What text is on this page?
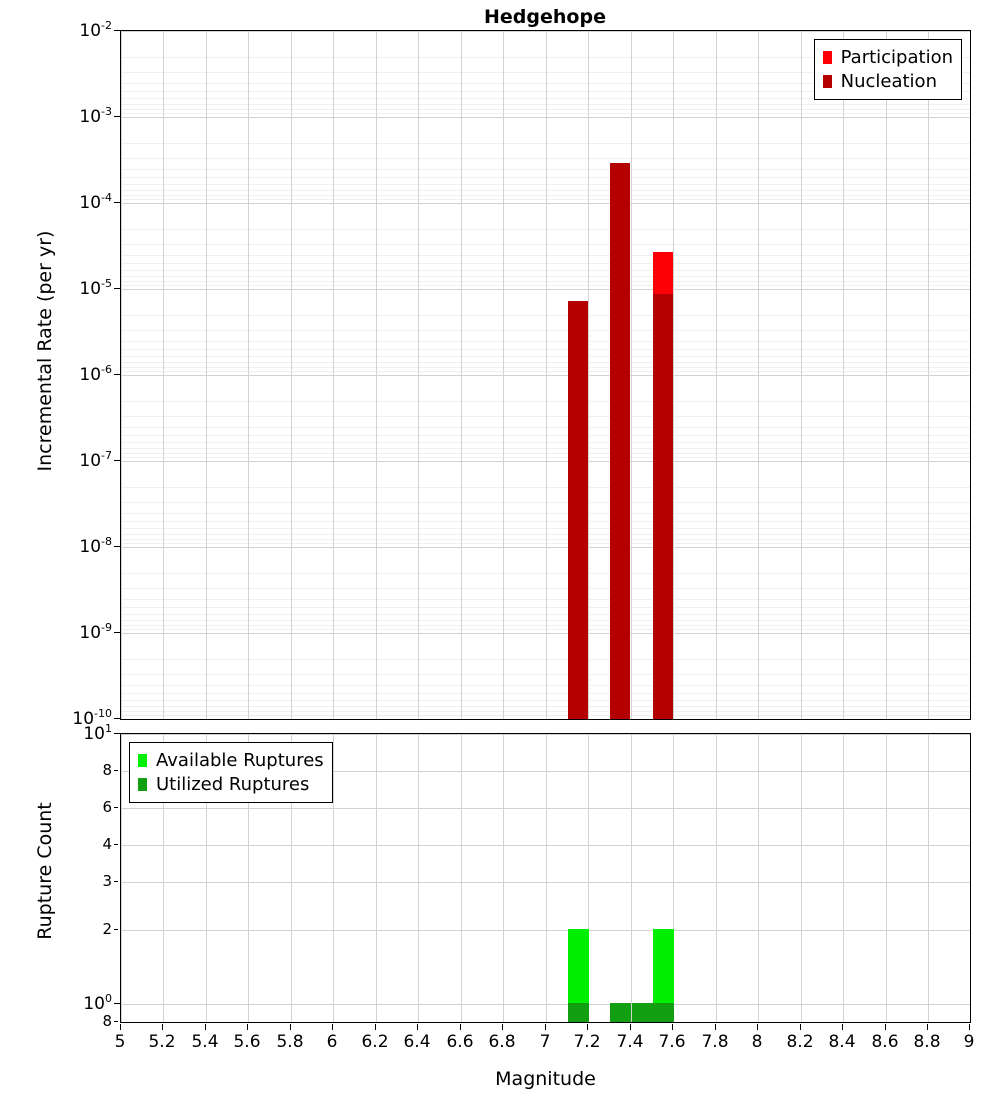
Hedgehope
Participation
Nucleation
$10^{-2}$
$10^{-3}$
$10^{-4}$
$10^{-5}$
$10^{-6}$
$10^{-7}$
$10^{-8}$
$10^{-9}$
$10^{-10}$
Incremental Rate (per yr)
Available Ruptures
Utilized Ruptures
$10^1$
8
6
4
3
2
$10^0$
8
Rupture Count
5 5.2 5.4 5.6 5.8 6 6.2 6.4 6.6 6.8 7 7.2 7.4 7.6 7.8 8 8.2 8.4 8.6 8.8 9
Magnitude
